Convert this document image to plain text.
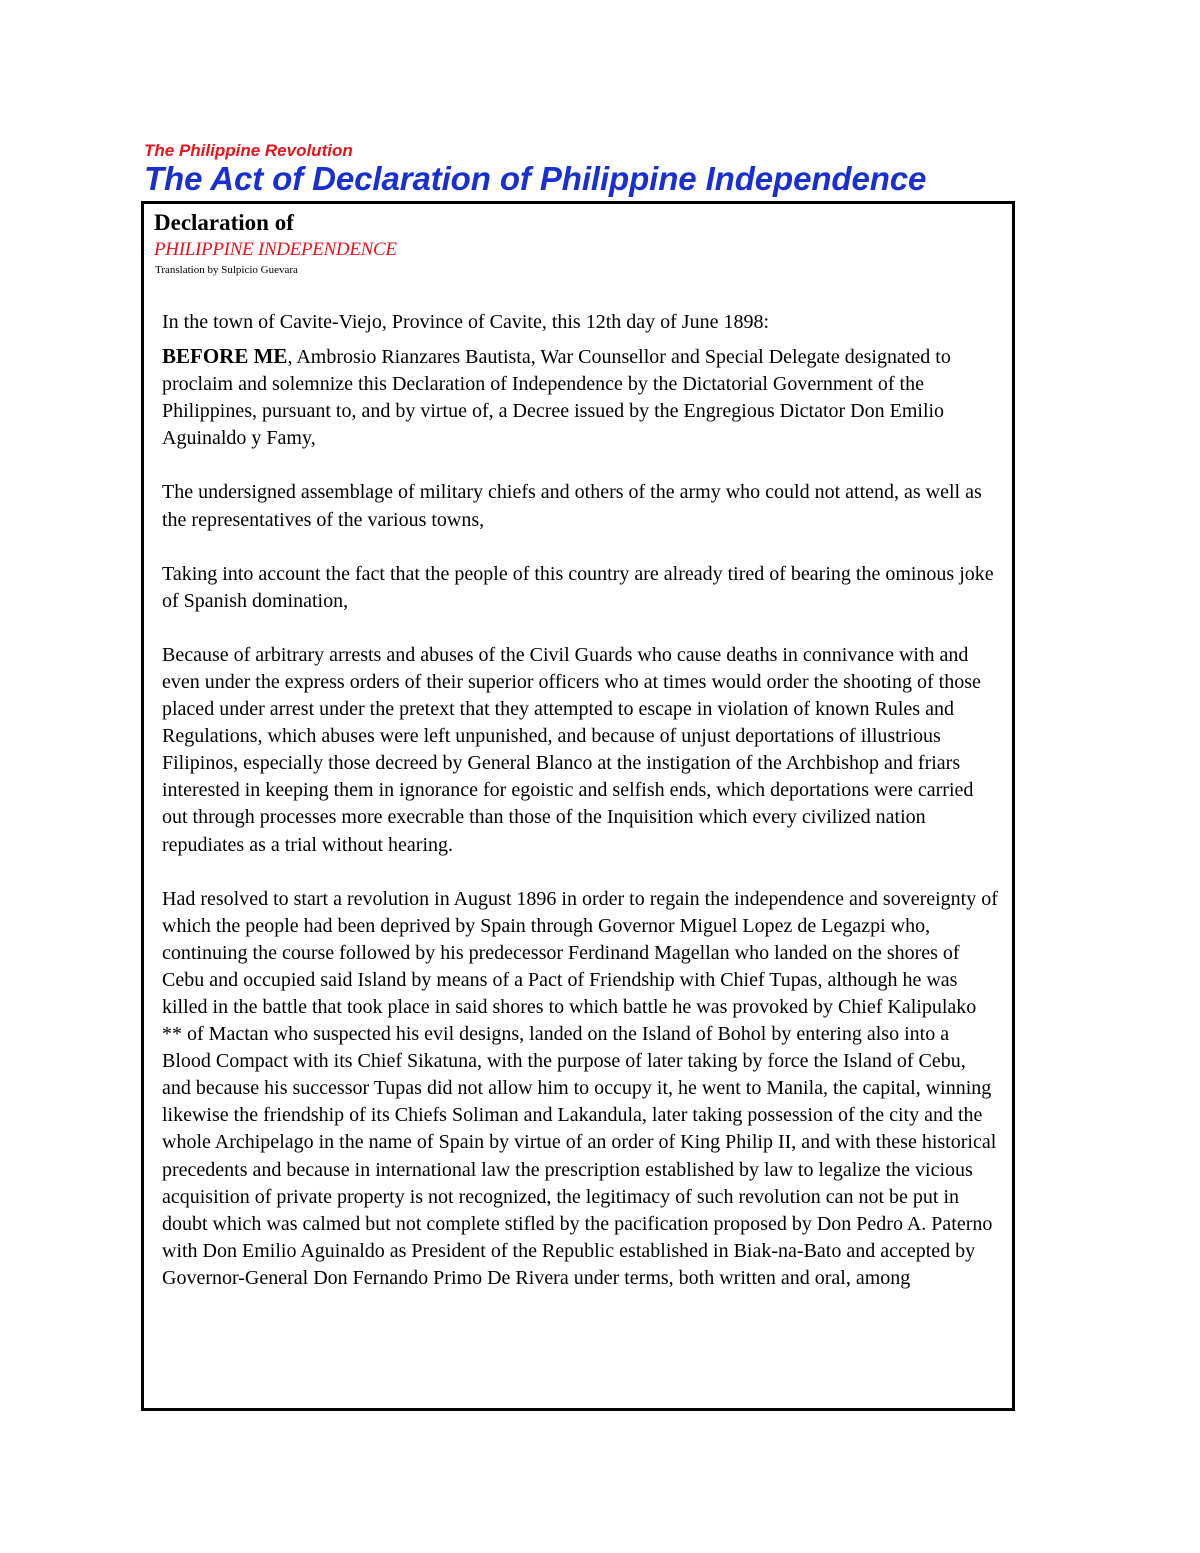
The Philippine Revolution

The Act of Declaration of Philippine Independence

Declaration of

PHILIPPINE INDEPENDENCE

Translation by Sulpicio Guevara

In the town of Cavite-Viejo, Province of Cavite, this 12th day of June 1898:

BEFORE ME, Ambrosio Rianzares Bautista, War Counsellor and Special Delegate designated to proclaim and solemnize this Declaration of Independence by the Dictatorial Government of the Philippines, pursuant to, and by virtue of, a Decree issued by the Engregious Dictator Don Emilio Aguinaldo y Famy,

The undersigned assemblage of military chiefs and others of the army who could not attend, as well as the representatives of the various towns,

Taking into account the fact that the people of this country are already tired of bearing the ominous joke of Spanish domination,

Because of arbitrary arrests and abuses of the Civil Guards who cause deaths in connivance with and even under the express orders of their superior officers who at times would order the shooting of those placed under arrest under the pretext that they attempted to escape in violation of known Rules and Regulations, which abuses were left unpunished, and because of unjust deportations of illustrious Filipinos, especially those decreed by General Blanco at the instigation of the Archbishop and friars interested in keeping them in ignorance for egoistic and selfish ends, which deportations were carried out through processes more execrable than those of the Inquisition which every civilized nation repudiates as a trial without hearing.

Had resolved to start a revolution in August 1896 in order to regain the independence and sovereignty of which the people had been deprived by Spain through Governor Miguel Lopez de Legazpi who, continuing the course followed by his predecessor Ferdinand Magellan who landed on the shores of Cebu and occupied said Island by means of a Pact of Friendship with Chief Tupas, although he was killed in the battle that took place in said shores to which battle he was provoked by Chief Kalipulako ** of Mactan who suspected his evil designs, landed on the Island of Bohol by entering also into a Blood Compact with its Chief Sikatuna, with the purpose of later taking by force the Island of Cebu, and because his successor Tupas did not allow him to occupy it, he went to Manila, the capital, winning likewise the friendship of its Chiefs Soliman and Lakandula, later taking possession of the city and the whole Archipelago in the name of Spain by virtue of an order of King Philip II, and with these historical precedents and because in international law the prescription established by law to legalize the vicious acquisition of private property is not recognized, the legitimacy of such revolution can not be put in doubt which was calmed but not complete stifled by the pacification proposed by Don Pedro A. Paterno with Don Emilio Aguinaldo as President of the Republic established in Biak-na-Bato and accepted by Governor-General Don Fernando Primo De Rivera under terms, both written and oral, among
